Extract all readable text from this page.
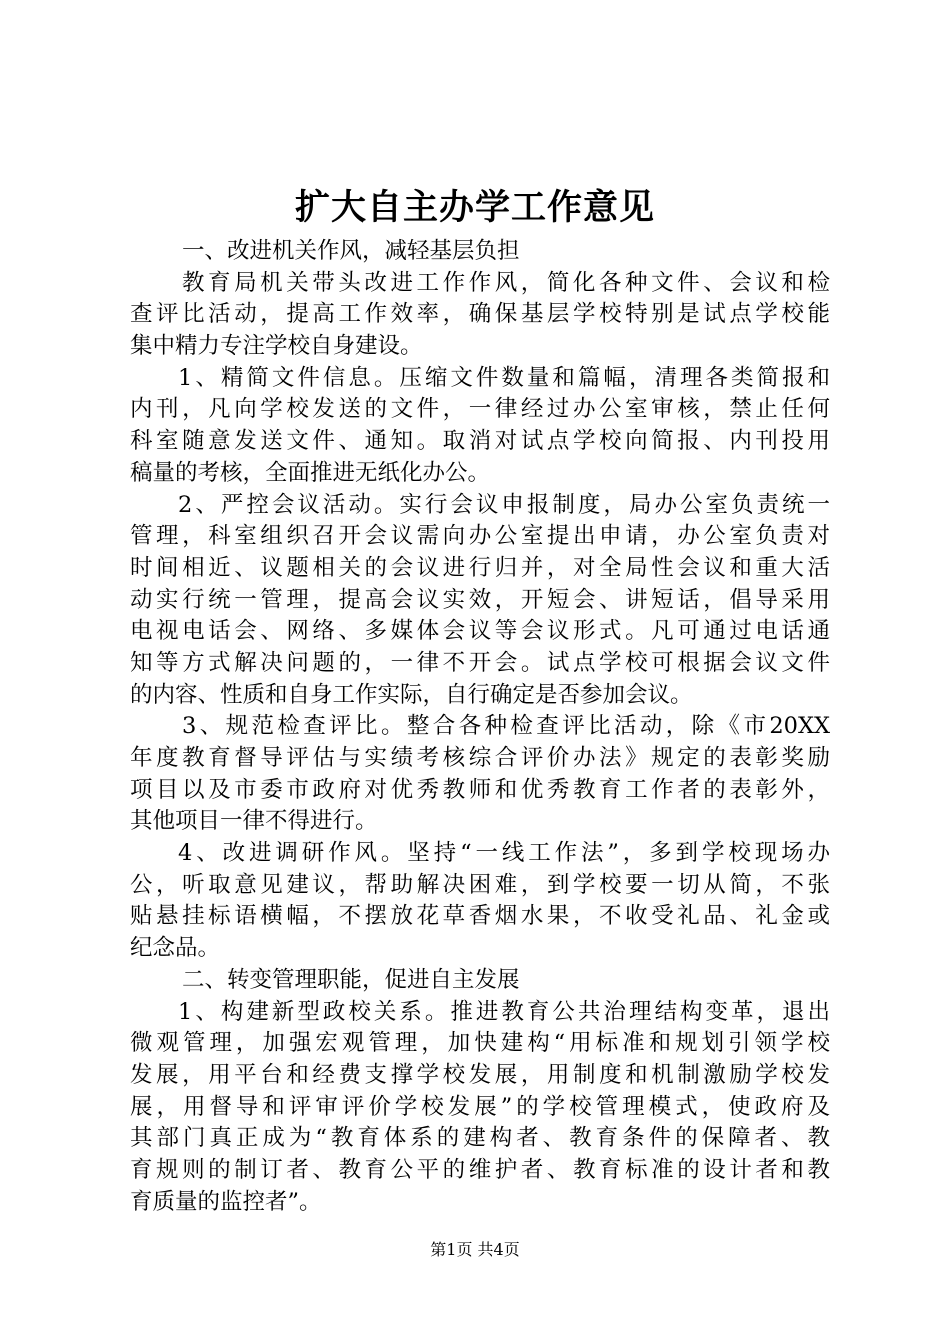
扩大自主办学工作意见
一、改进机关作风，减轻基层负担
教育局机关带头改进工作作风，简化各种文件、会议和检
查评比活动，提高工作效率，确保基层学校特别是试点学校能
集中精力专注学校自身建设。
1、精简文件信息。压缩文件数量和篇幅，清理各类简报和
内刊，凡向学校发送的文件，一律经过办公室审核，禁止任何
科室随意发送文件、通知。取消对试点学校向简报、内刊投用
稿量的考核，全面推进无纸化办公。
2、严控会议活动。实行会议申报制度，局办公室负责统一
管理，科室组织召开会议需向办公室提出申请，办公室负责对
时间相近、议题相关的会议进行归并，对全局性会议和重大活
动实行统一管理，提高会议实效，开短会、讲短话，倡导采用
电视电话会、网络、多媒体会议等会议形式。凡可通过电话通
知等方式解决问题的，一律不开会。试点学校可根据会议文件
的内容、性质和自身工作实际，自行确定是否参加会议。
3、规范检查评比。整合各种检查评比活动，除《市20XX
年度教育督导评估与实绩考核综合评价办法》规定的表彰奖励
项目以及市委市政府对优秀教师和优秀教育工作者的表彰外，
其他项目一律不得进行。
4、改进调研作风。坚持“一线工作法”，多到学校现场办
公，听取意见建议，帮助解决困难，到学校要一切从简，不张
贴悬挂标语横幅，不摆放花草香烟水果，不收受礼品、礼金或
纪念品。
二、转变管理职能，促进自主发展
1、构建新型政校关系。推进教育公共治理结构变革，退出
微观管理，加强宏观管理，加快建构“用标准和规划引领学校
发展，用平台和经费支撑学校发展，用制度和机制激励学校发
展，用督导和评审评价学校发展”的学校管理模式，使政府及
其部门真正成为“教育体系的建构者、教育条件的保障者、教
育规则的制订者、教育公平的维护者、教育标准的设计者和教
育质量的监控者”。
第1页 共4页
